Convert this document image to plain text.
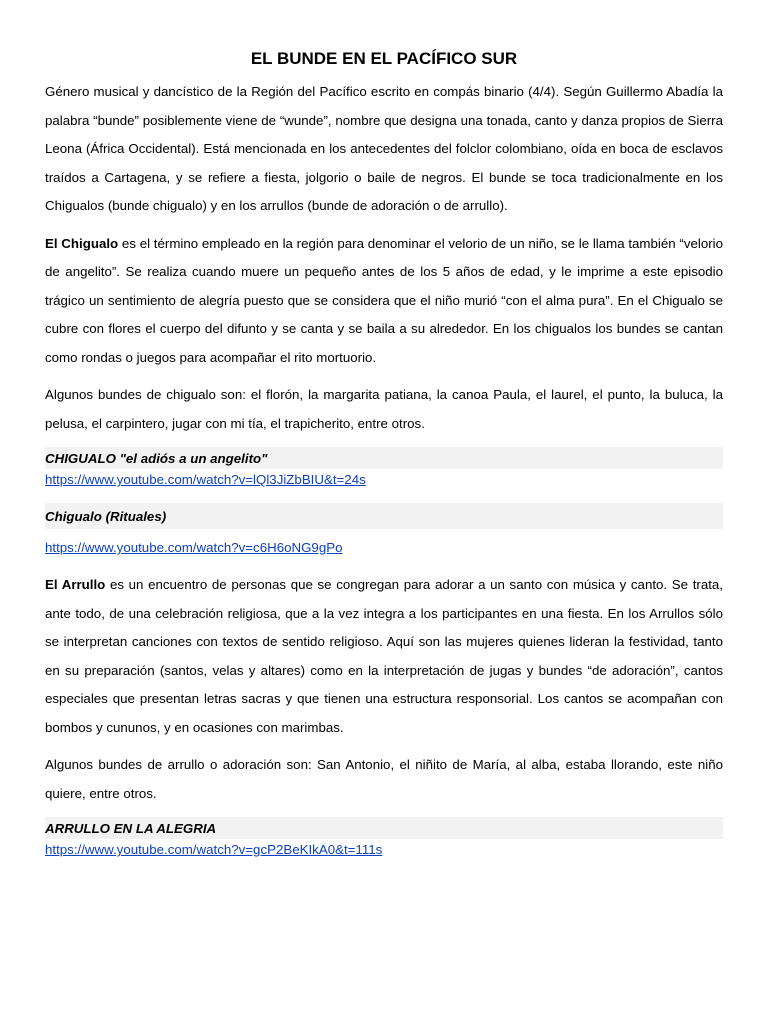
EL BUNDE EN EL PACÍFICO SUR

Género musical y dancístico de la Región del Pacífico escrito en compás binario (4/4). Según Guillermo Abadía la palabra “bunde” posiblemente viene de “wunde”, nombre que designa una tonada, canto y danza propios de Sierra Leona (África Occidental). Está mencionada en los antecedentes del folclor colombiano, oída en boca de esclavos traídos a Cartagena, y se refiere a fiesta, jolgorio o baile de negros. El bunde se toca tradicionalmente en los Chigualos (bunde chigualo) y en los arrullos (bunde de adoración o de arrullo).

El Chigualo es el término empleado en la región para denominar el velorio de un niño, se le llama también “velorio de angelito”. Se realiza cuando muere un pequeño antes de los 5 años de edad, y le imprime a este episodio trágico un sentimiento de alegría puesto que se considera que el niño murió “con el alma pura”. En el Chigualo se cubre con flores el cuerpo del difunto y se canta y se baila a su alrededor. En los chigualos los bundes se cantan como rondas o juegos para acompañar el rito mortuorio.

Algunos bundes de chigualo son: el florón, la margarita patiana, la canoa Paula, el laurel, el punto, la buluca, la pelusa, el carpintero, jugar con mi tía, el trapicherito, entre otros.

CHIGUALO "el adiós a un angelito"
https://www.youtube.com/watch?v=lQl3JiZbBIU&t=24s
Chigualo (Rituales)
https://www.youtube.com/watch?v=c6H6oNG9gPo

El Arrullo es un encuentro de personas que se congregan para adorar a un santo con música y canto. Se trata, ante todo, de una celebración religiosa, que a la vez integra a los participantes en una fiesta. En los Arrullos sólo se interpretan canciones con textos de sentido religioso. Aquí son las mujeres quienes lideran la festividad, tanto en su preparación (santos, velas y altares) como en la interpretación de jugas y bundes “de adoración”, cantos especiales que presentan letras sacras y que tienen una estructura responsorial. Los cantos se acompañan con bombos y cununos, y en ocasiones con marimbas.

Algunos bundes de arrullo o adoración son: San Antonio, el niñito de María, al alba, estaba llorando, este niño quiere, entre otros.

ARRULLO EN LA ALEGRIA
https://www.youtube.com/watch?v=gcP2BeKIkA0&t=111s
